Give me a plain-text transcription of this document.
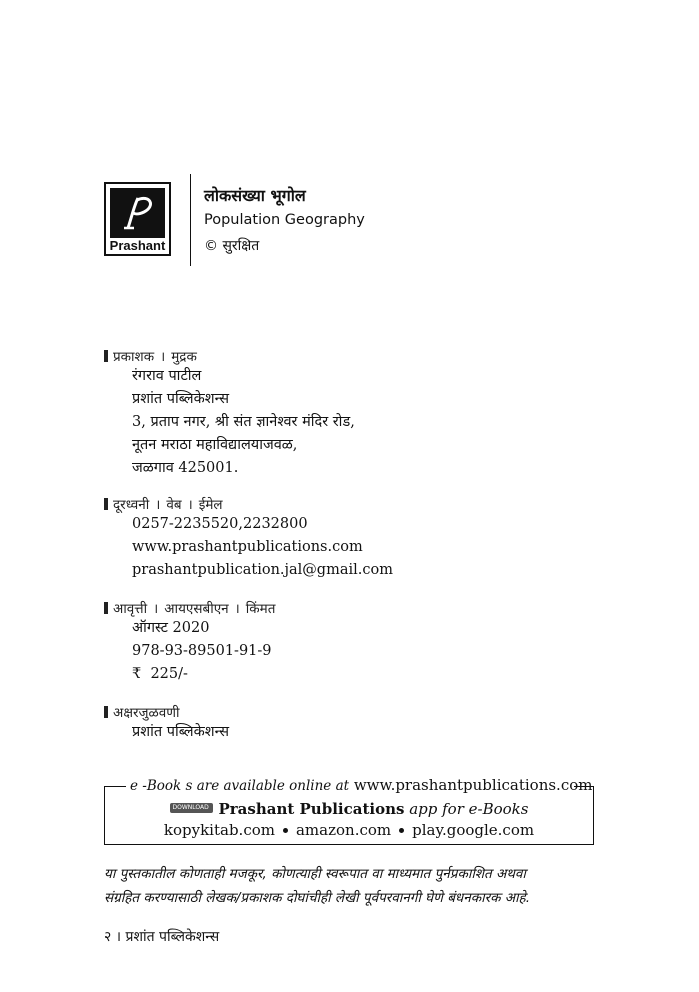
Prashant
लोकसंख्या भूगोल
Population Geography
© सुरक्षित
प्रकाशक । मुद्रक
रंगराव पाटील
प्रशांत पब्लिकेशन्स
3, प्रताप नगर, श्री संत ज्ञानेश्वर मंदिर रोड,
नूतन मराठा महाविद्यालयाजवळ,
जळगाव 425001.
दूरध्वनी । वेब । ईमेल
0257-2235520,2232800
www.prashantpublications.com
prashantpublication.jal@gmail.com
आवृत्ती । आयएसबीएन । किंमत
ऑगस्ट 2020
978-93-89501-91-9
₹  225/-
अक्षरजुळवणी
प्रशांत पब्लिकेशन्स
e -Book s are available online at www.prashantpublications.com
DOWNLOAD Prashant Publications app for e-Books
kopykitab.com amazon.com play.google.com
या पुस्तकातील कोणताही मजकूर, कोणत्याही स्वरूपात वा माध्यमात पुर्नप्रकाशित अथवा
संग्रहित करण्यासाठी लेखक/प्रकाशक दोघांचीही लेखी पूर्वपरवानगी घेणे बंधनकारक आहे.
२ । प्रशांत पब्लिकेशन्स
